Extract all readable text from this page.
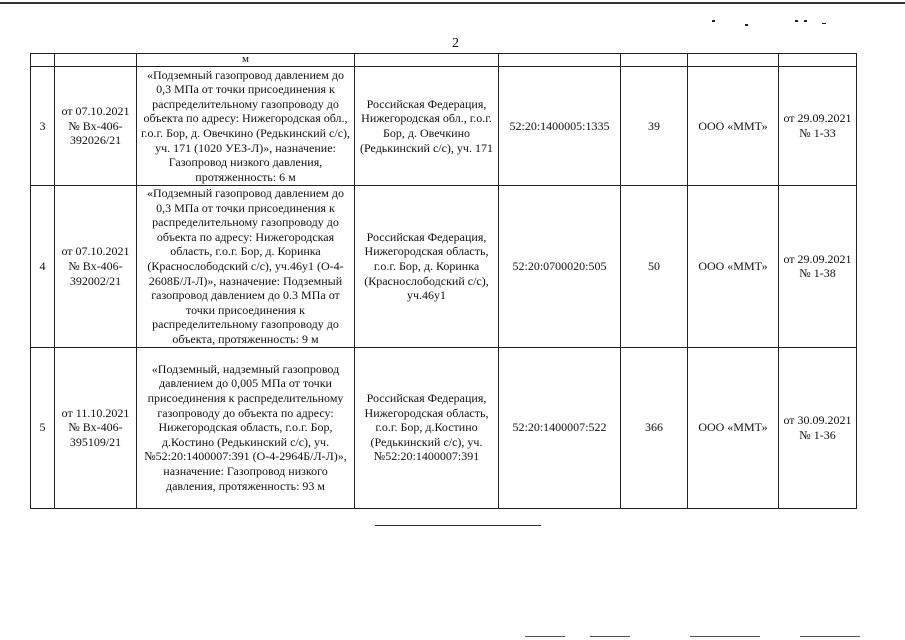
2
		м					
3	от 07.10.2021 № Вх-406-392026/21	«Подземный газопровод давлением до 0,3 МПа от точки присоединения к распределительному газопроводу до объекта по адресу: Нижегородская обл., г.о.г. Бор, д. Овечкино (Редькинский с/с), уч. 171 (1020 УЕЗ-Л)», назначение: Газопровод низкого давления, протяженность: 6 м	Российская Федерация, Нижегородская обл., г.о.г. Бор, д. Овечкино (Редькинский с/с), уч. 171	52:20:1400005:1335	39	ООО «ММТ»	от 29.09.2021 № 1-33
4	от 07.10.2021 № Вх-406-392002/21	«Подземный газопровод давлением до 0,3 МПа от точки присоединения к распределительному газопроводу до объекта по адресу: Нижегородская область, г.о.г. Бор, д. Коринка (Краснослободский с/с), уч.46у1 (О-4-2608Б/Л-Л)», назначение: Подземный газопровод давлением до 0.3 МПа от точки присоединения к распределительному газопроводу до объекта, протяженность: 9 м	Российская Федерация, Нижегородская область, г.о.г. Бор, д. Коринка (Краснослободский с/с), уч.46у1	52:20:0700020:505	50	ООО «ММТ»	от 29.09.2021 № 1-38
5	от 11.10.2021 № Вх-406-395109/21	«Подземный, надземный газопровод давлением до 0,005 МПа от точки присоединения к распределительному газопроводу до объекта по адресу: Нижегородская область, г.о.г. Бор, д.Костино (Редькинский с/с), уч.№52:20:1400007:391 (О-4-2964Б/Л-Л)», назначение: Газопровод низкого давления, протяженность: 93 м	Российская Федерация, Нижегородская область, г.о.г. Бор, д.Костино (Редькинский с/с), уч.№52:20:1400007:391	52:20:1400007:522	366	ООО «ММТ»	от 30.09.2021 № 1-36
